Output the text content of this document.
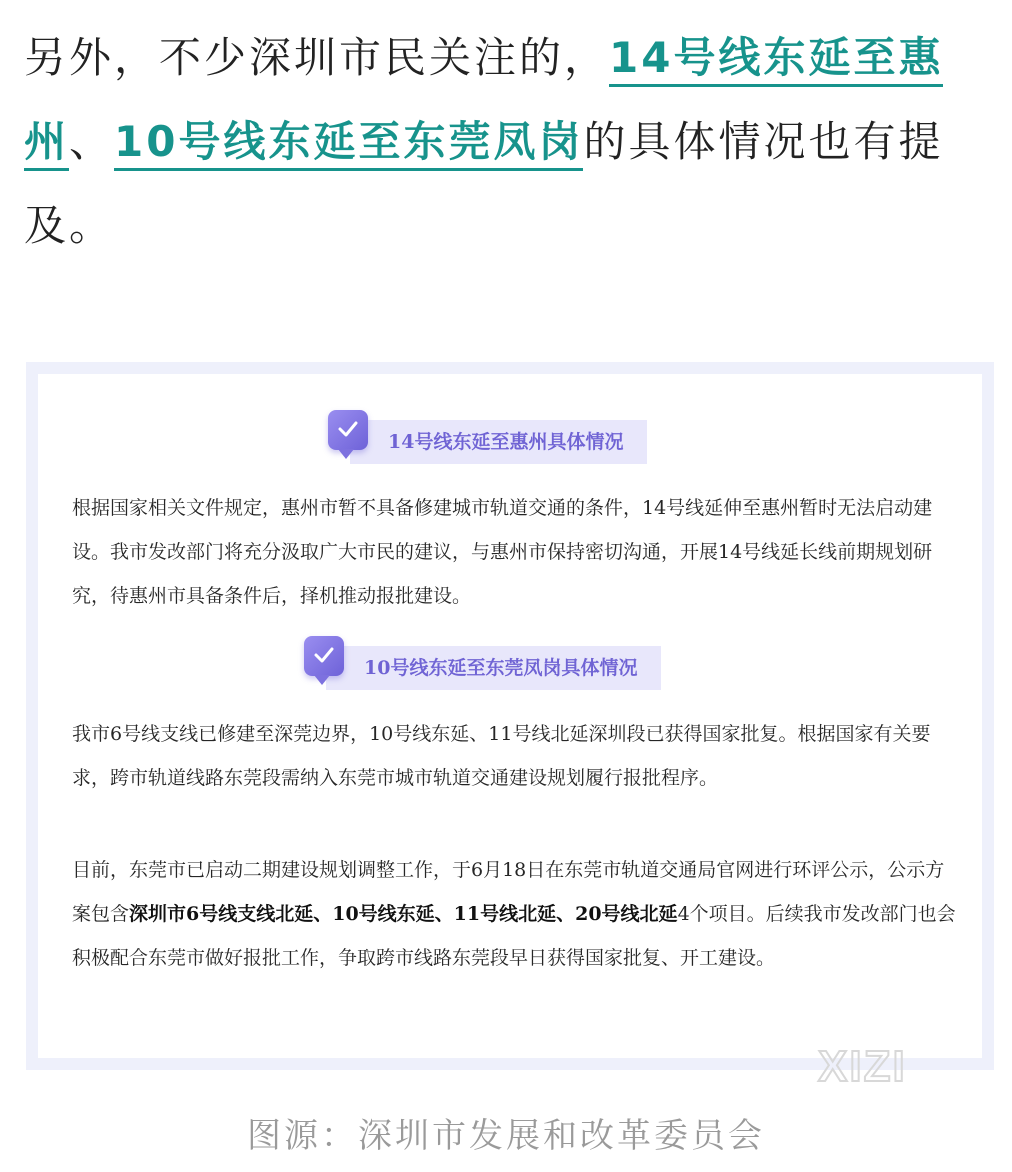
另外，不少深圳市民关注的，14号线东延至惠州、10号线东延至东莞凤岗的具体情况也有提及。
14号线东延至惠州具体情况
根据国家相关文件规定，惠州市暂不具备修建城市轨道交通的条件，14号线延伸至惠州暂时无法启动建设。我市发改部门将充分汲取广大市民的建议，与惠州市保持密切沟通，开展14号线延长线前期规划研究，待惠州市具备条件后，择机推动报批建设。
10号线东延至东莞凤岗具体情况
我市6号线支线已修建至深莞边界，10号线东延、11号线北延深圳段已获得国家批复。根据国家有关要求，跨市轨道线路东莞段需纳入东莞市城市轨道交通建设规划履行报批程序。
目前，东莞市已启动二期建设规划调整工作，于6月18日在东莞市轨道交通局官网进行环评公示，公示方案包含深圳市6号线支线北延、10号线东延、11号线北延、20号线北延4个项目。后续我市发改部门也会积极配合东莞市做好报批工作，争取跨市线路东莞段早日获得国家批复、开工建设。
XIZI
图源：深圳市发展和改革委员会
